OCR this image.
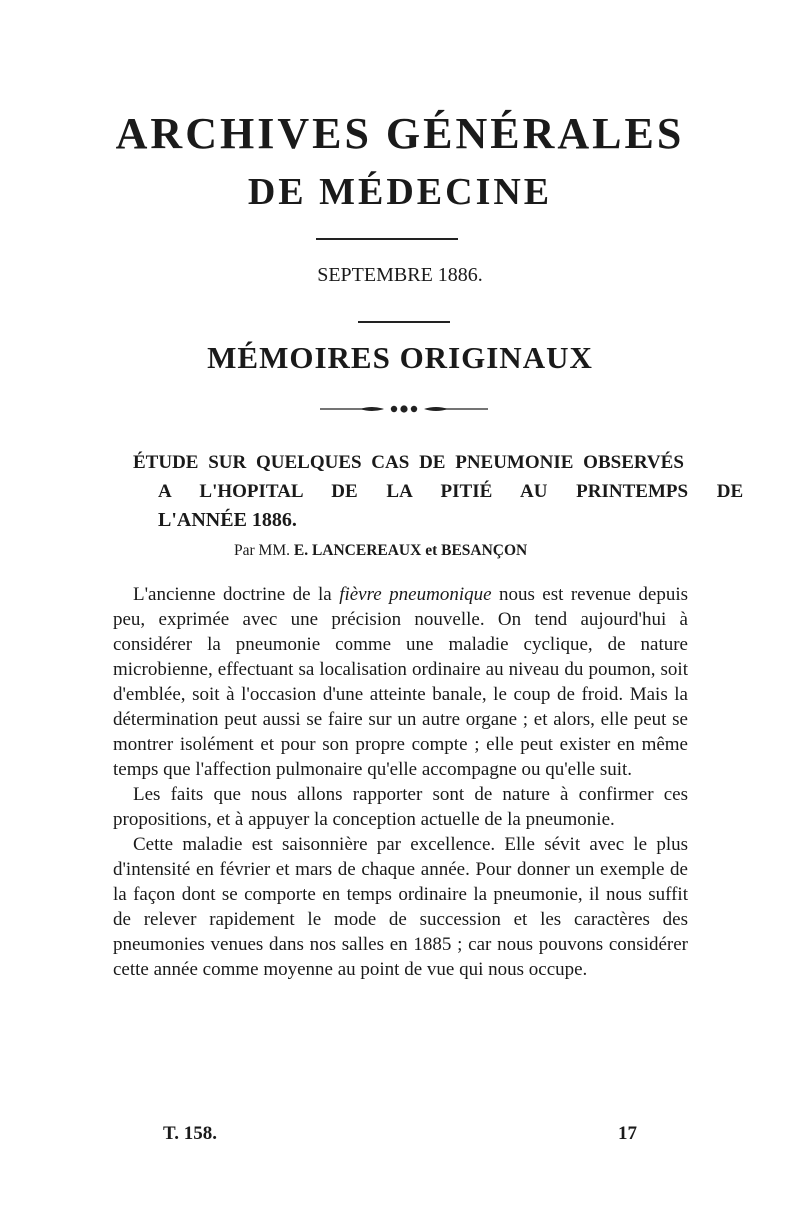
ARCHIVES GÉNÉRALES
DE MÉDECINE
SEPTEMBRE 1886.
MÉMOIRES ORIGINAUX
ÉTUDE SUR QUELQUES CAS DE PNEUMONIE OBSERVÉS
A L'HOPITAL DE LA PITIÉ AU PRINTEMPS DE
L'ANNÉE 1886.
Par MM. E. LANCEREAUX et BESANÇON

L'ancienne doctrine de la fièvre pneumonique nous est revenue depuis peu, exprimée avec une précision nouvelle. On tend aujourd'hui à considérer la pneumonie comme une maladie cyclique, de nature microbienne, effectuant sa localisation ordinaire au niveau du poumon, soit d'emblée, soit à l'occasion d'une atteinte banale, le coup de froid. Mais la détermination peut aussi se faire sur un autre organe ; et alors, elle peut se montrer isolément et pour son propre compte ; elle peut exister en même temps que l'affection pulmonaire qu'elle accompagne ou qu'elle suit.

Les faits que nous allons rapporter sont de nature à confirmer ces propositions, et à appuyer la conception actuelle de la pneumonie.

Cette maladie est saisonnière par excellence. Elle sévit avec le plus d'intensité en février et mars de chaque année. Pour donner un exemple de la façon dont se comporte en temps ordinaire la pneumonie, il nous suffit de relever rapidement le mode de succession et les caractères des pneumonies venues dans nos salles en 1885 ; car nous pouvons considérer cette année comme moyenne au point de vue qui nous occupe.

T. 158.	17
